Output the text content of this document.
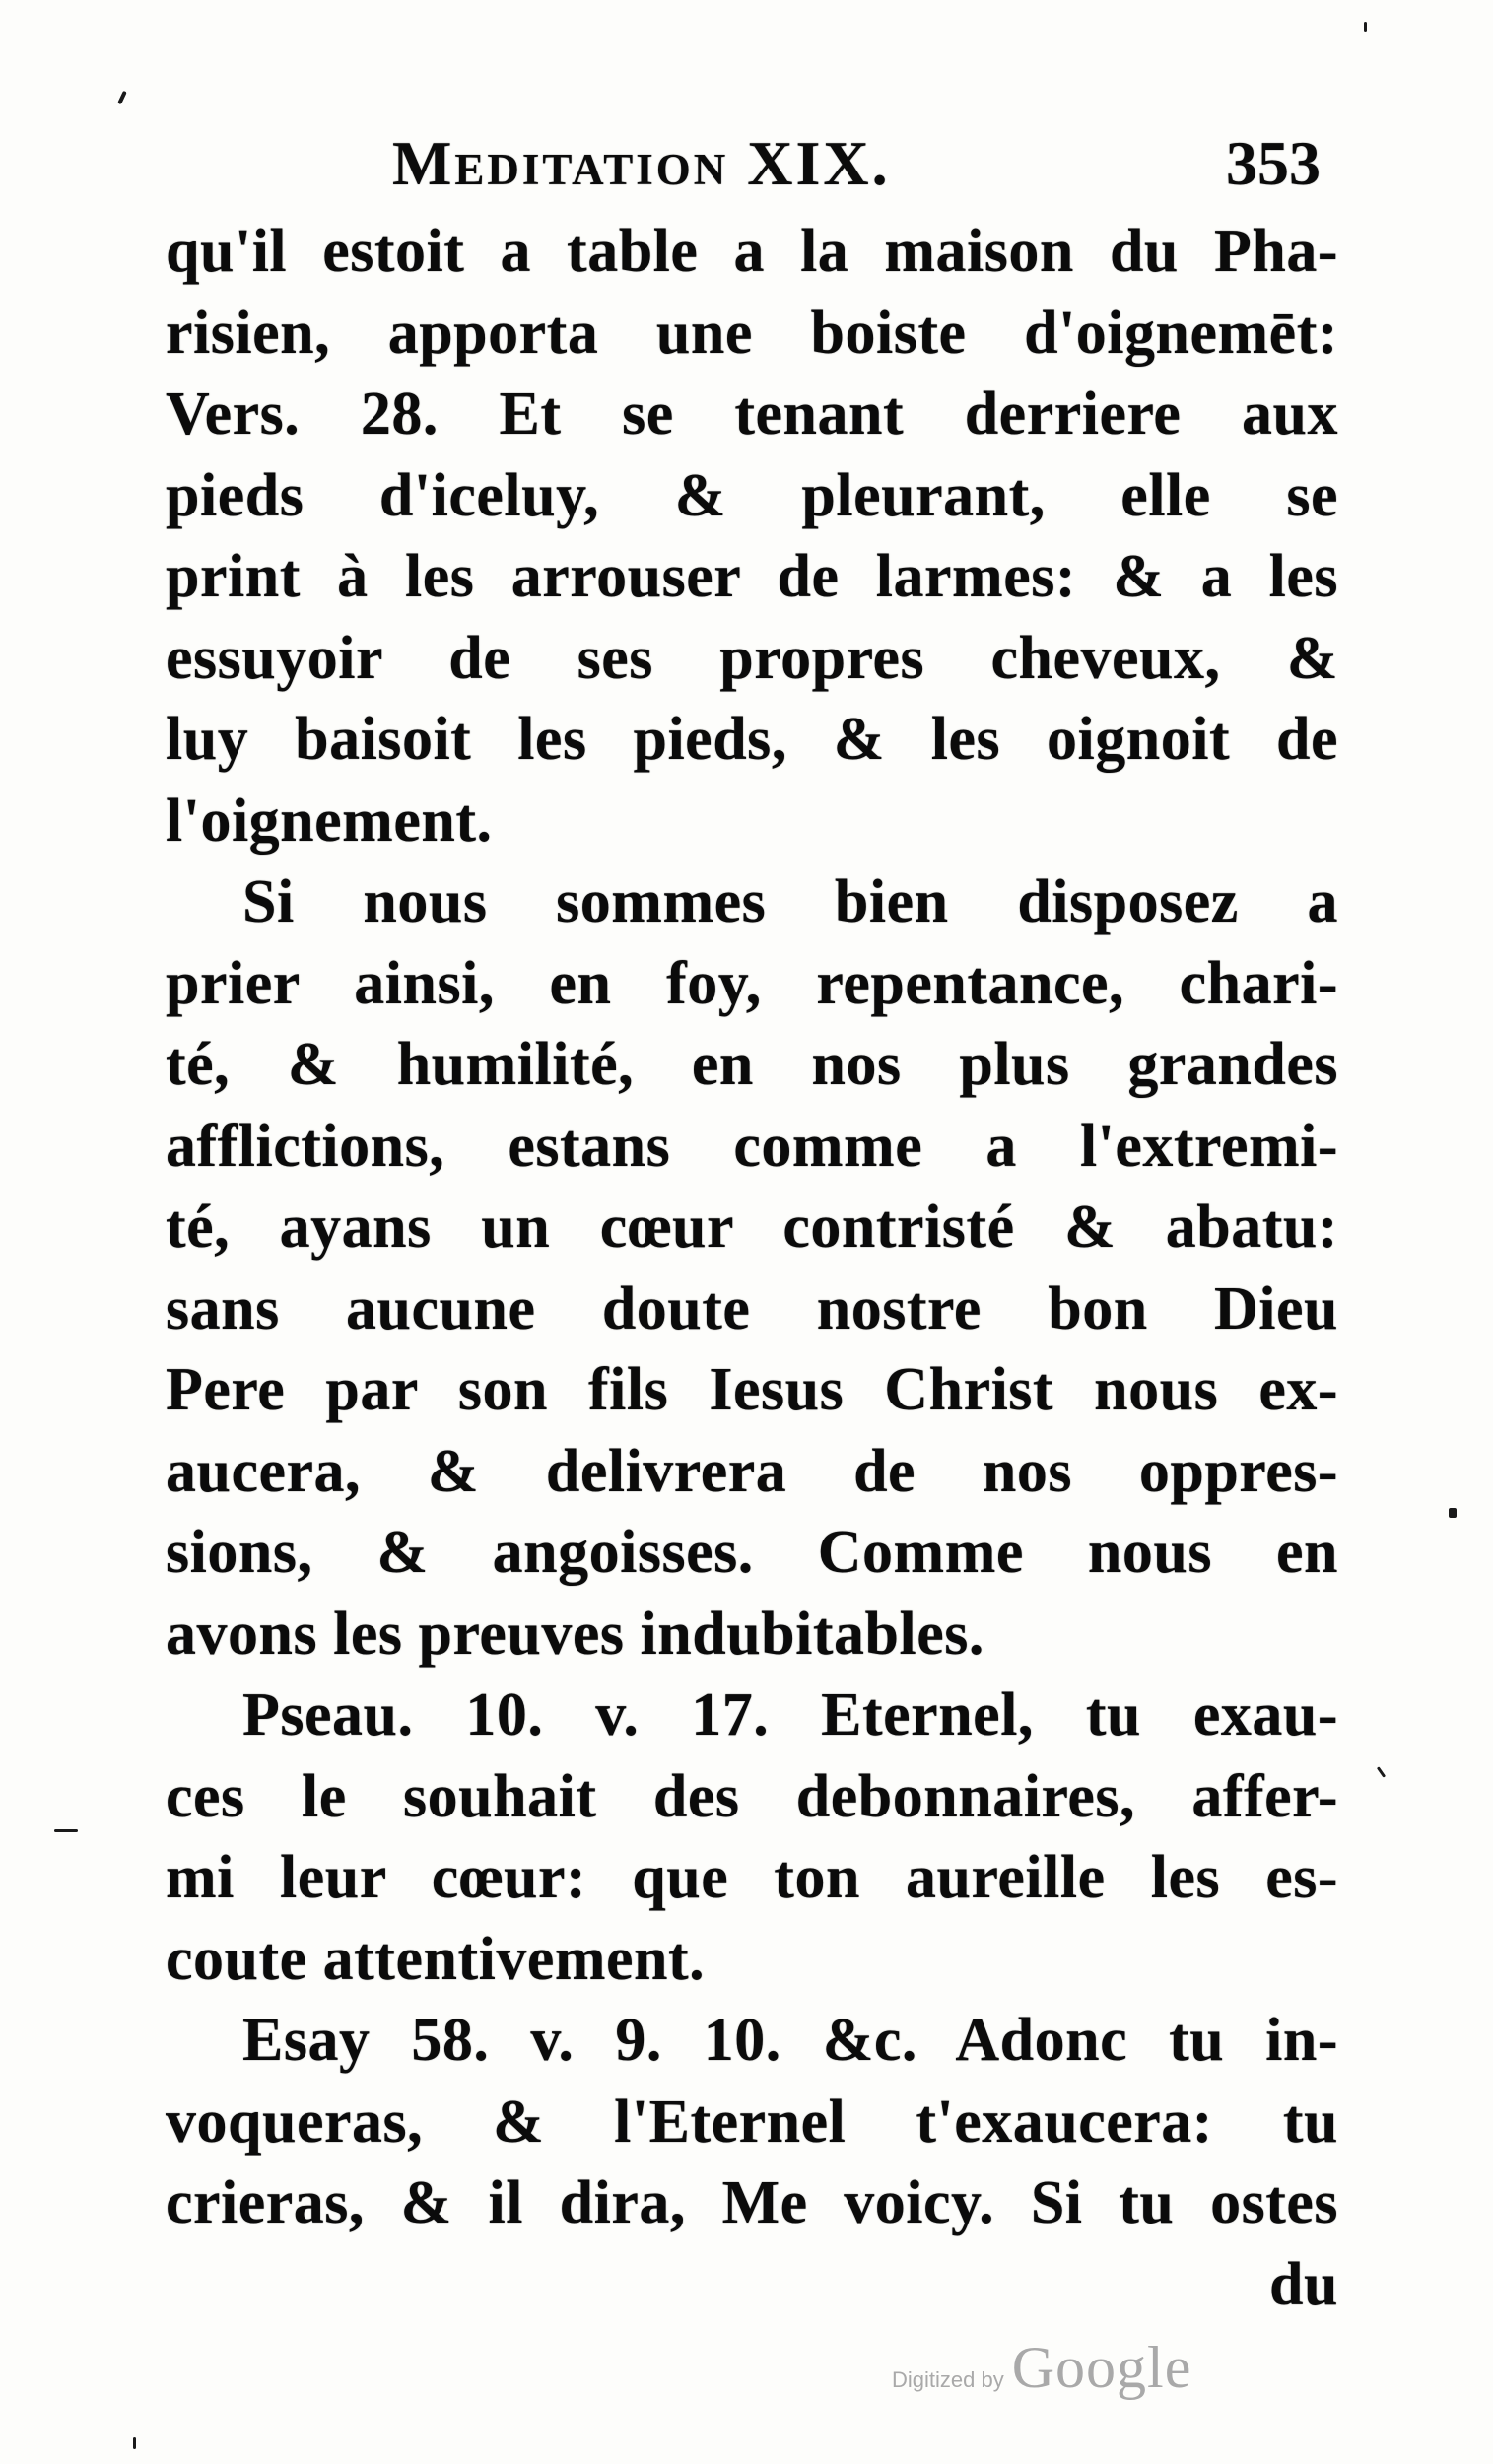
Meditation XIX.	353
qu'il estoit a table a la maison du Pha-
risien, apporta une boiste d'oignemēt:
Vers. 28. Et se tenant derriere aux
pieds d'iceluy, & pleurant, elle se
print à les arrouser de larmes: & a les
essuyoir de ses propres cheveux, &
luy baisoit les pieds, & les oignoit de
l'oignement.
Si nous sommes bien disposez a
prier ainsi, en foy, repentance, chari-
té, & humilité, en nos plus grandes
afflictions, estans comme a l'extremi-
té, ayans un cœur contristé & abatu:
sans aucune doute nostre bon Dieu
Pere par son fils Iesus Christ nous ex-
aucera, & delivrera de nos oppres-
sions, & angoisses. Comme nous en
avons les preuves indubitables.
Pseau. 10. v. 17. Eternel, tu exau-
ces le souhait des debonnaires, affer-
mi leur cœur: que ton aureille les es-
coute attentivement.
Esay 58. v. 9. 10. &c. Adonc tu in-
voqueras, & l'Eternel t'exaucera: tu
crieras, & il dira, Me voicy. Si tu ostes
du
Digitized by Google
